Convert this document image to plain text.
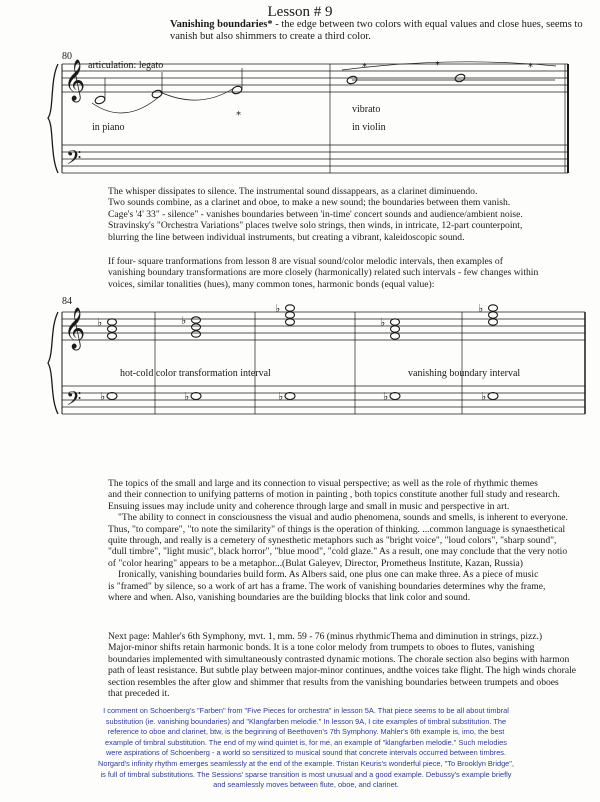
Lesson # 9
Vanishing boundaries* - the edge between two colors with equal values and close hues, seems to vanish but also shimmers to create a third color.
𝄞
𝄢
*
*	*	*
80
articulation: legato
in piano
vibrato
in violin

The whisper dissipates to silence. The instrumental sound dissappears, as a clarinet diminuendo.

Two sounds combine, as a clarinet and oboe, to make a new sound; the boundaries between them vanish.

Cage's '4' 33" - silence" - vanishes boundaries between 'in-time' concert sounds and audience/ambient noise.

Stravinsky's "Orchestra Variations" places twelve solo strings, then winds, in intricate, 12-part counterpoint,

blurring the line between individual instruments, but creating a vibrant, kaleidoscopic sound.

If four- square tranformations from lesson 8 are visual sound/color melodic intervals, then examples of

vanishing boundary transformations are more closely (harmonically) related such intervals - few changes within

voices, similar tonalities (hues), many common tones, harmonic bonds (equal value):

𝄞
𝄢
♭	♭
♭
♭
♭
♭	♭	♭	♭	♭
84
hot-cold color transformation interval	vanishing boundary interval

The topics of the small and large and its connection to visual perspective; as well as the role of rhythmic themes

and their connection to unifying patterns of motion in painting , both topics constitute another full study and research.

Ensuing issues may include unity and coherence through large and small in music and perspective in art.

"The ability to connect in consciousness the visual and audio phenomena, sounds and smells, is inherent to everyone.

Thus, "to compare", "to note the similarity" of things is the operation of thinking. ...common language is synaesthetical

quite through, and really is a cemetery of synesthetic metaphors such as "bright voice", "loud colors", "sharp sound",

"dull timbre", "light music", black horror", "blue mood", "cold glaze." As a result, one may conclude that the very notio

of "color hearing" appears to be a metaphor...(Bulat Galeyev, Director, Prometheus Institute, Kazan, Russia)

Ironically, vanishing boundaries build form. As Albers said, one plus one can make three. As a piece of music

is "framed" by silence, so a work of art has a frame. The work of vanishing boundaries determines why the frame,

where and when. Also, vanishing boundaries are the building blocks that link color and sound.

Next page: Mahler's 6th Symphony, mvt. 1, mm. 59 - 76 (minus rhythmicThema and diminution in strings, pizz.)

Major-minor shifts retain harmonic bonds. It is a tone color melody from trumpets to oboes to flutes, vanishing

boundaries implemented with simultaneously contrasted dynamic motions. The chorale section also begins with harmon

path of least resistance. But subtle play between major-minor continues, andthe voices take flight. The high winds chorale

section resembles the after glow and shimmer that results from the vanishing boundaries between trumpets and oboes

that preceded it.

I comment on Schoenberg's "Farben" from "Five Pieces for orchestra" in lesson 5A. That piece seems to be all about timbral substitution (ie. vanishing boundaries) and "Klangfarben melodie." In lesson 9A, I cite examples of timbral substitution. The reference to oboe and clarinet, btw, is the beginning of Beethoven's 7th Symphony. Mahler's 6th example is, imo, the best example of timbral substitution. The end of my wind quintet is, for me, an example of "klangfarben melodie." Such melodies were aspirations of Schoenberg - a world so sensitized to musical sound that concrete intervals occurred between timbres. Norgard's infinity rhythm emerges seamlessly at the end of the example. Tristan Keuris's wonderful piece, "To Brooklyn Bridge", is full of timbral substitutions. The Sessions' sparse transition is most unusual and a good example. Debussy's example briefly and seamlessly moves between flute, oboe, and clarinet.
